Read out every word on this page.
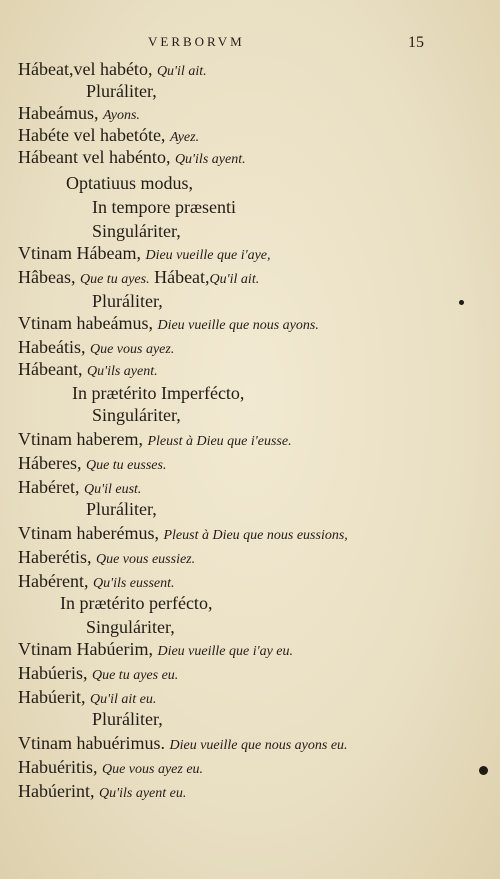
VERBORVM	15
Hábeat,vel habéto, Qu'il ait.
Pluráliter,
Habeámus, Ayons.
Habéte vel habetóte, Ayez.
Hábeant vel habénto, Qu'ils ayent.
Optatiuus modus,
In tempore præsenti
Singuláriter,
Vtinam Hábeam, Dieu vueille que i'aye,
Hâbeas, Que tu ayes. Hábeat,Qu'il ait.
Pluráliter,
Vtinam habeámus, Dieu vueille que nous ayons.
Habeátis, Que vous ayez.
Hábeant, Qu'ils ayent.
In prætérito Imperfécto,
Singuláriter,
Vtinam haberem, Pleust à Dieu que i'eusse.
Háberes, Que tu eusses.
Habéret, Qu'il eust.
Pluráliter,
Vtinam haberémus, Pleust à Dieu que nous eussions,
Haberétis, Que vous eussiez.
Habérent, Qu'ils eussent.
In prætérito perfécto,
Singuláriter,
Vtinam Habúerim, Dieu vueille que i'ay eu.
Habúeris, Que tu ayes eu.
Habúerit, Qu'il ait eu.
Pluráliter,
Vtinam habuérimus. Dieu vueille que nous ayons eu.
Habuéritis, Que vous ayez eu.
Habúerint, Qu'ils ayent eu.
